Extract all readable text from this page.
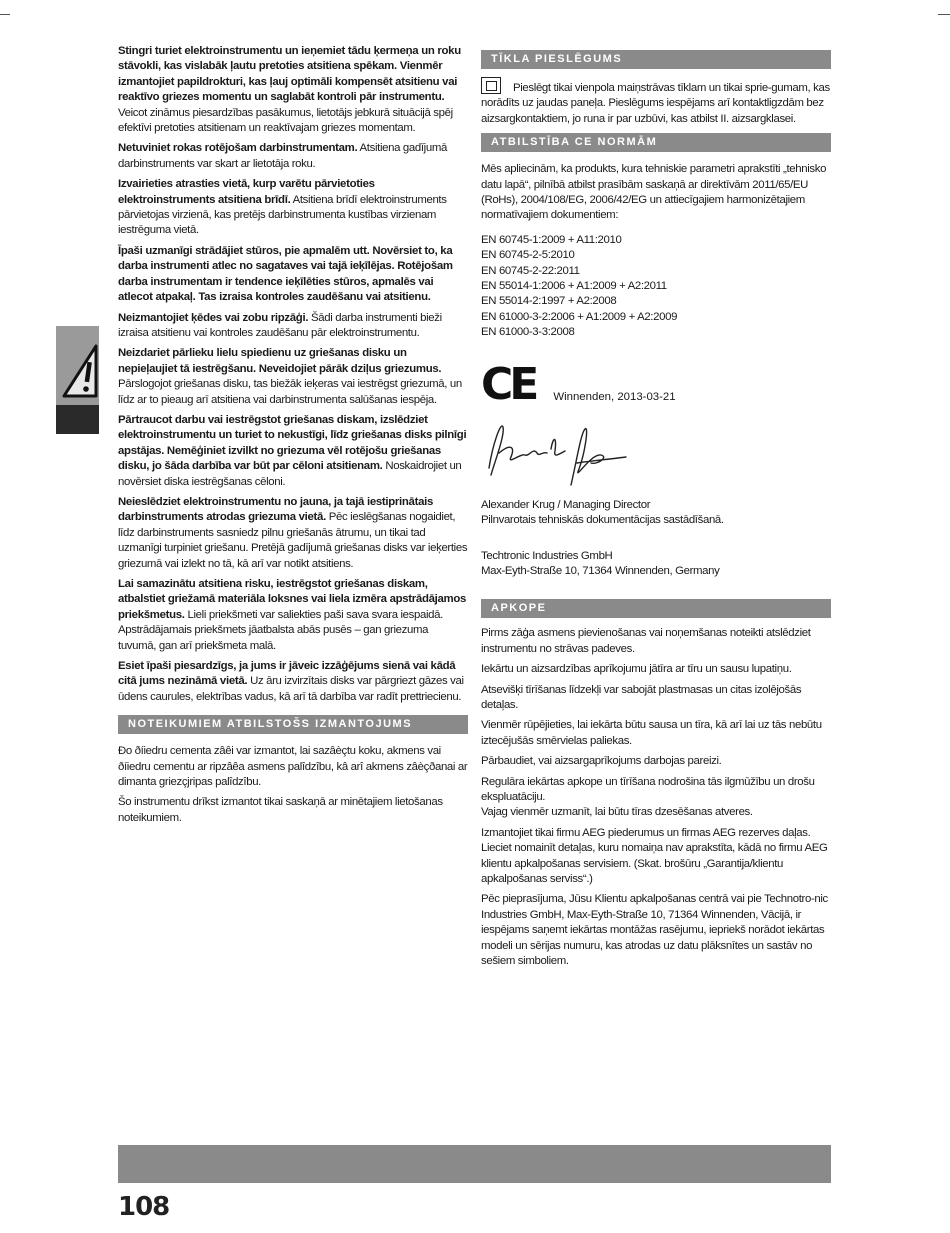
Stingri turiet elektroinstrumentu un ieņemiet tādu ķermeņa un roku stāvokli, kas vislabāk ļautu pretoties atsitiena spēkam. Vienmēr izmantojiet papildrokturi, kas ļauj optimāli kompensēt atsitienu vai reaktīvo griezes momentu un saglabāt kontroli pār instrumentu. Veicot zināmus piesardzības pasākumus, lietotājs jebkurā situācijā spēj efektīvi pretoties atsitienam un reaktīvajam griezes momentam.

Netuviniet rokas rotējošam darbinstrumentam. Atsitiena gadījumā darbinstruments var skart ar lietotāja roku.

Izvairieties atrasties vietā, kurp varētu pārvietoties elektroinstruments atsitiena brīdī. Atsitiena brīdī elektroinstruments pārvietojas virzienā, kas pretējs darbinstrumenta kustības virzienam iestrēguma vietā.

Īpaši uzmanīgi strādājiet stūros, pie apmalēm utt. Novērsiet to, ka darba instrumenti atlec no sagataves vai tajā ieķīlējas. Rotējošam darba instrumentam ir tendence ieķīlēties stūros, apmalēs vai atlecot atpakaļ. Tas izraisa kontroles zaudēšanu vai atsitienu.

Neizmantojiet ķēdes vai zobu ripzāģi. Šādi darba instrumenti bieži izraisa atsitienu vai kontroles zaudēšanu pār elektroinstrumentu.

Neizdariet pārlieku lielu spiedienu uz griešanas disku un nepieļaujiet tā iestrēgšanu. Neveidojiet pārāk dziļus griezumus. Pārslogojot griešanas disku, tas biežāk ieķeras vai iestrēgst griezumā, un līdz ar to pieaug arī atsitiena vai darbinstrumenta salūšanas iespēja.

Pārtraucot darbu vai iestrēgstot griešanas diskam, izslēdziet elektroinstrumentu un turiet to nekustīgi, līdz griešanas disks pilnīgi apstājas. Nemēģiniet izvilkt no griezuma vēl rotējošu griešanas disku, jo šāda darbība var būt par cēloni atsitienam. Noskaidrojiet un novērsiet diska iestrēgšanas cēloni.

Neieslēdziet elektroinstrumentu no jauna, ja tajā iestiprinātais darbinstruments atrodas griezuma vietā. Pēc ieslēgšanas nogaidiet, līdz darbinstruments sasniedz pilnu griešanās ātrumu, un tikai tad uzmanīgi turpiniet griešanu. Pretējā gadījumā griešanas disks var ieķerties griezumā vai izlekt no tā, kā arī var notikt atsitiens.

Lai samazinātu atsitiena risku, iestrēgstot griešanas diskam, atbalstiet griežamā materiāla loksnes vai liela izmēra apstrādājamos priekšmetus. Lieli priekšmeti var saliekties paši sava svara iespaidā. Apstrādājamais priekšmets jāatbalsta abās pusēs – gan griezuma tuvumā, gan arī priekšmeta malā.

Esiet īpaši piesardzīgs, ja jums ir jāveic izzāģējums sienā vai kādā citā jums nezināmā vietā. Uz āru izvirzītais disks var pārgriezt gāzes vai ūdens caurules, elektrības vadus, kā arī tā darbība var radīt prettriecienu.

NOTEIKUMIEM ATBILSTOŠS IZMANTOJUMS

Ðo ðíiedru cementa zâêi var izmantot, lai sazâèçtu koku, akmens vai ðíiedru cementu ar ripzâêa asmens palîdzîbu, kâ arî akmens zâèçðanai ar dimanta griezçjripas palîdzîbu.

Šo instrumentu drīkst izmantot tikai saskaņā ar minētajiem lietošanas noteikumiem.

TĪKLA PIESLĒGUMS

Pieslēgt tikai vienpola maiņstrāvas tīklam un tikai sprie-gumam, kas norādīts uz jaudas paneļa. Pieslēgums iespējams arī kontaktligzdām bez aizsargkontaktiem, jo runa ir par uzbūvi, kas atbilst II. aizsargklasei.

ATBILSTĪBA CE NORMĀM

Mēs apliecinām, ka produkts, kura tehniskie parametri aprakstīti „tehnisko datu lapā“, pilnībā atbilst prasībām saskaņā ar direktīvām 2011/65/EU (RoHs), 2004/108/EG, 2006/42/EG un attiecīgajiem harmonizētajiem normatīvajiem dokumentiem:

EN 60745-1:2009 + A11:2010

EN 60745-2-5:2010

EN 60745-2-22:2011

EN 55014-1:2006 + A1:2009 + A2:2011

EN 55014-2:1997 + A2:2008

EN 61000-3-2:2006 + A1:2009 + A2:2009

EN 61000-3-3:2008

CE Winnenden, 2013-03-21

Alexander Krug / Managing Director

Pilnvarotais tehniskās dokumentācijas sastādīšanā.

Techtronic Industries GmbH

Max-Eyth-Straße 10, 71364 Winnenden, Germany

APKOPE

Pirms zāģa asmens pievienošanas vai noņemšanas noteikti atslēdziet instrumentu no strāvas padeves.

Iekārtu un aizsardzības aprīkojumu jātīra ar tīru un sausu lupatiņu.

Atsevišķi tīrīšanas līdzekļi var sabojāt plastmasas un citas izolējošās detaļas.

Vienmēr rūpējieties, lai iekārta būtu sausa un tīra, kā arī lai uz tās nebūtu iztecējušās smērvielas paliekas.

Pārbaudiet, vai aizsargaprīkojums darbojas pareizi.

Regulāra iekārtas apkope un tīrīšana nodrošina tās ilgmūžību un drošu ekspluatāciju.
Vajag vienmēr uzmanīt, lai būtu tīras dzesēšanas atveres.

Izmantojiet tikai firmu AEG piederumus un firmas AEG rezerves daļas. Lieciet nomainīt detaļas, kuru nomaiņa nav aprakstīta, kādā no firmu AEG klientu apkalpošanas servisiem. (Skat. brošūru „Garantija/klientu apkalpošanas serviss“.)

Pēc pieprasījuma, Jūsu Klientu apkalpošanas centrā vai pie Technotro-nic Industries GmbH, Max-Eyth-Straße 10, 71364 Winnenden, Vācijā, ir iespējams saņemt iekārtas montāžas rasējumu, iepriekš norādot iekārtas modeli un sērijas numuru, kas atrodas uz datu plāksnītes un sastāv no sešiem simboliem.

108
